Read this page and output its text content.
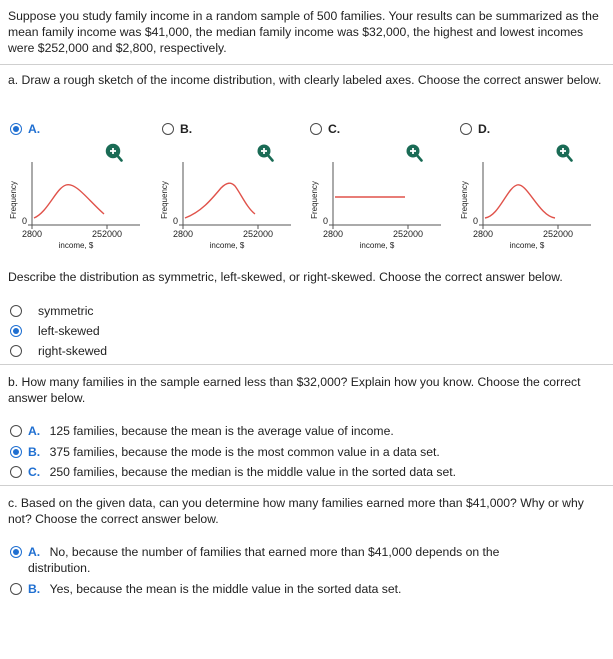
Suppose you study family income in a random sample of 500 families. Your results can be summarized as the mean family income was $41,000, the median family income was $32,000, the highest and lowest incomes were $252,000 and $2,800, respectively.
a. Draw a rough sketch of the income distribution, with clearly labeled axes. Choose the correct answer below.
A.	B.	C.	D.
Frequency
0
2800	252000
income, $
Frequency
0
2800	252000
income, $
Frequency
0
2800	252000
income, $
Frequency
0
2800	252000
income, $
Describe the distribution as symmetric, left-skewed, or right-skewed. Choose the correct answer below.
symmetric
left-skewed
right-skewed
b. How many families in the sample earned less than $32,000? Explain how you know. Choose the correct answer below.
A. 125 families, because the mean is the average value of income.
B. 375 families, because the mode is the most common value in a data set.
C. 250 families, because the median is the middle value in the sorted data set.
c. Based on the given data, can you determine how many families earned more than $41,000? Why or why not? Choose the correct answer below.
A. No, because the number of families that earned more than $41,000 depends on the distribution.
B. Yes, because the mean is the middle value in the sorted data set.
